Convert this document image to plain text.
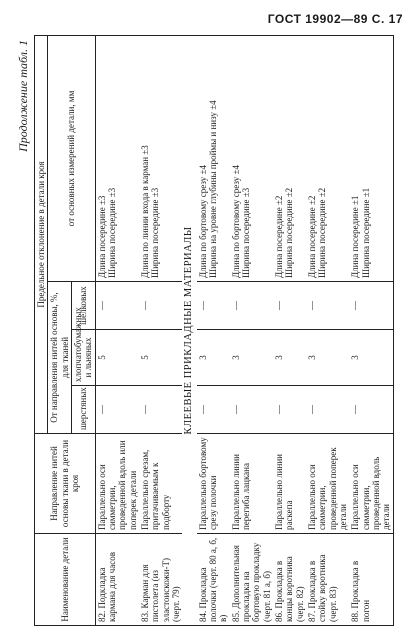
ГОСТ 19902—89 С. 17
Продолжение табл. 1
Наименование детали	Направление нитей основы ткани в детали кроя	Предельное отклонение в детали кроя			
		От направления нитей основы, %, для тканей			от основных измерений детали, мм
		шерстяных	хлопчатобумажных и льняных	шелковых	
82. Подкладка кармана для часов	Параллельно оси симметрии, проведенной вдоль или поперек детали	—	5	—	Длина посередине ±3 Ширина посередине ±3

83. Карман для пистолета (из эластоискожи-Т) (черт. 79)	Параллельно срезам, притачиваемым к подборту	—	5	—	Длина по линии входа в карман ±3 Ширина посередине ±3

КЛЕЕВЫЕ ПРИКЛАДНЫЕ МАТЕРИАЛЫ					
84. Прокладка полочки (черт. 80 а, б, в)	Параллельно бортовому срезу полочки	—	3	—	Длина по бортовому срезу ±4 Ширина на уровне глубины проймы и низу ±4

85. Дополнительная прокладка на бортовую прокладку (черт. 81 а, б)	Параллельно линии перегиба лацкана	—	3	—	Длина по бортовому срезу ±4 Ширина посередине ±3

86. Прокладка в концы воротника (черт. 82)	Параллельно линии раскепа	—	3	—	Длина посередине ±2 Ширина посередине ±2

87. Прокладка в стойку воротника (черт. 83)	Параллельно оси симметрии, проведенной поперек детали	—	3	—	Длина посередине ±2 Ширина посередине ±2

88. Прокладка в погон	Параллельно оси симметрии, проведенной вдоль детали	—	3	—	Длина посередине ±1 Ширина посередине ±1
